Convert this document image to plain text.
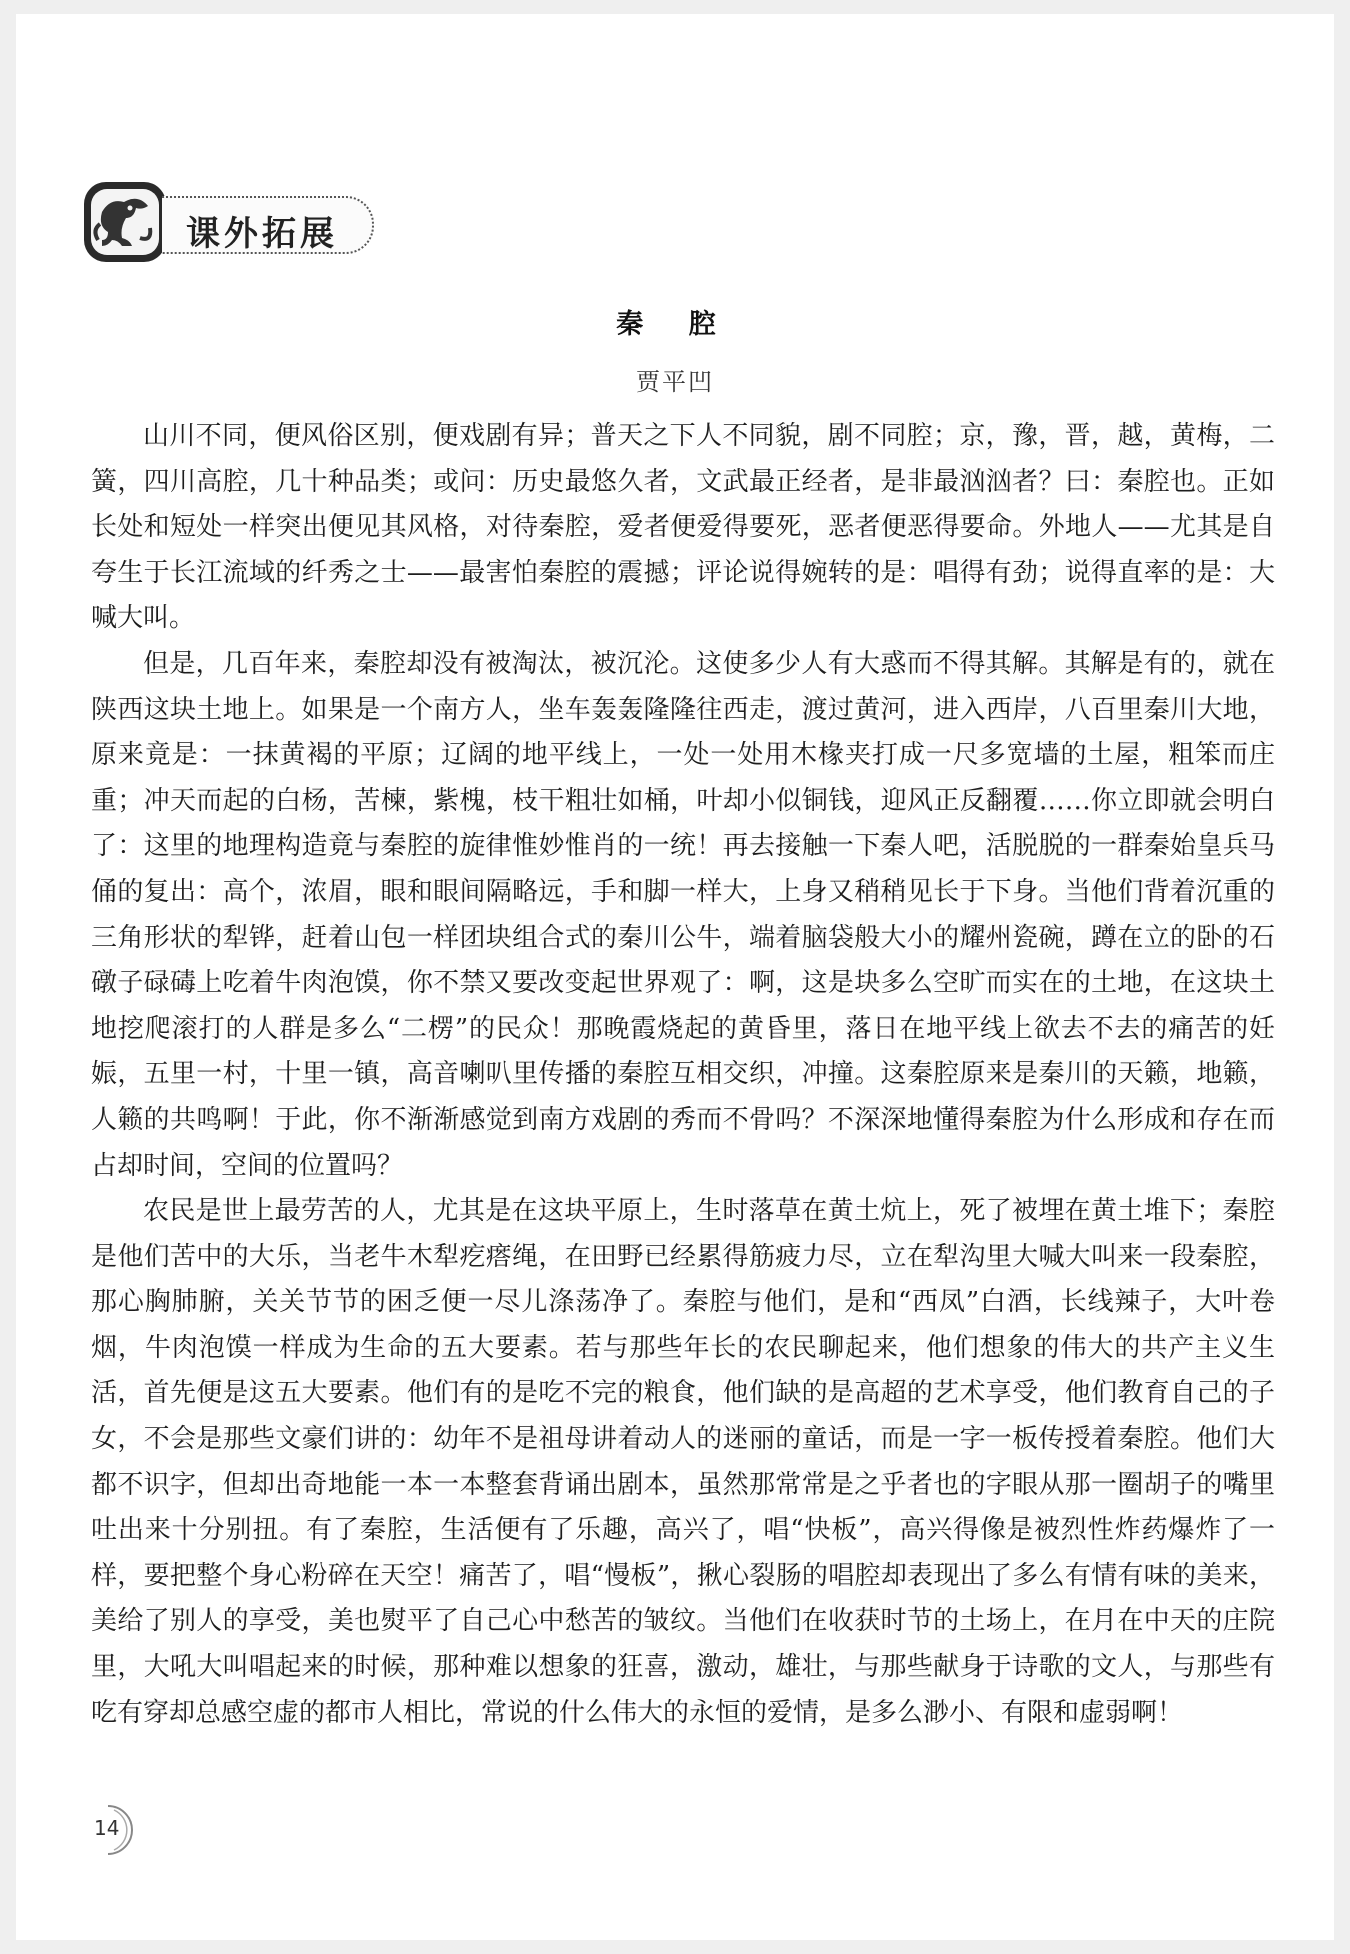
课外拓展
秦 腔
贾平凹

山川不同，便风俗区别，便戏剧有异；普天之下人不同貌，剧不同腔；京，豫，晋，越，黄梅，二簧，四川高腔，几十种品类；或问：历史最悠久者，文武最正经者，是非最汹汹者？曰：秦腔也。正如长处和短处一样突出便见其风格，对待秦腔，爱者便爱得要死，恶者便恶得要命。外地人——尤其是自夸生于长江流域的纤秀之士——最害怕秦腔的震撼；评论说得婉转的是：唱得有劲；说得直率的是：大喊大叫。

但是，几百年来，秦腔却没有被淘汰，被沉沦。这使多少人有大惑而不得其解。其解是有的，就在陕西这块土地上。如果是一个南方人，坐车轰轰隆隆往西走，渡过黄河，进入西岸，八百里秦川大地，原来竟是：一抹黄褐的平原；辽阔的地平线上，一处一处用木椽夹打成一尺多宽墙的土屋，粗笨而庄重；冲天而起的白杨，苦楝，紫槐，枝干粗壮如桶，叶却小似铜钱，迎风正反翻覆……你立即就会明白了：这里的地理构造竟与秦腔的旋律惟妙惟肖的一统！再去接触一下秦人吧，活脱脱的一群秦始皇兵马俑的复出：高个，浓眉，眼和眼间隔略远，手和脚一样大，上身又稍稍见长于下身。当他们背着沉重的三角形状的犁铧，赶着山包一样团块组合式的秦川公牛，端着脑袋般大小的耀州瓷碗，蹲在立的卧的石礅子碌碡上吃着牛肉泡馍，你不禁又要改变起世界观了：啊，这是块多么空旷而实在的土地，在这块土地挖爬滚打的人群是多么“二楞”的民众！那晚霞烧起的黄昏里，落日在地平线上欲去不去的痛苦的妊娠，五里一村，十里一镇，高音喇叭里传播的秦腔互相交织，冲撞。这秦腔原来是秦川的天籁，地籁，人籁的共鸣啊！于此，你不渐渐感觉到南方戏剧的秀而不骨吗？不深深地懂得秦腔为什么形成和存在而占却时间，空间的位置吗？

农民是世上最劳苦的人，尤其是在这块平原上，生时落草在黄土炕上，死了被埋在黄土堆下；秦腔是他们苦中的大乐，当老牛木犁疙瘩绳，在田野已经累得筋疲力尽，立在犁沟里大喊大叫来一段秦腔，那心胸肺腑，关关节节的困乏便一尽儿涤荡净了。秦腔与他们，是和“西凤”白酒，长线辣子，大叶卷烟，牛肉泡馍一样成为生命的五大要素。若与那些年长的农民聊起来，他们想象的伟大的共产主义生活，首先便是这五大要素。他们有的是吃不完的粮食，他们缺的是高超的艺术享受，他们教育自己的子女，不会是那些文豪们讲的：幼年不是祖母讲着动人的迷丽的童话，而是一字一板传授着秦腔。他们大都不识字，但却出奇地能一本一本整套背诵出剧本，虽然那常常是之乎者也的字眼从那一圈胡子的嘴里吐出来十分别扭。有了秦腔，生活便有了乐趣，高兴了，唱“快板”，高兴得像是被烈性炸药爆炸了一样，要把整个身心粉碎在天空！痛苦了，唱“慢板”，揪心裂肠的唱腔却表现出了多么有情有味的美来，美给了别人的享受，美也熨平了自己心中愁苦的皱纹。当他们在收获时节的土场上，在月在中天的庄院里，大吼大叫唱起来的时候，那种难以想象的狂喜，激动，雄壮，与那些献身于诗歌的文人，与那些有吃有穿却总感空虚的都市人相比，常说的什么伟大的永恒的爱情，是多么渺小、有限和虚弱啊！

14
